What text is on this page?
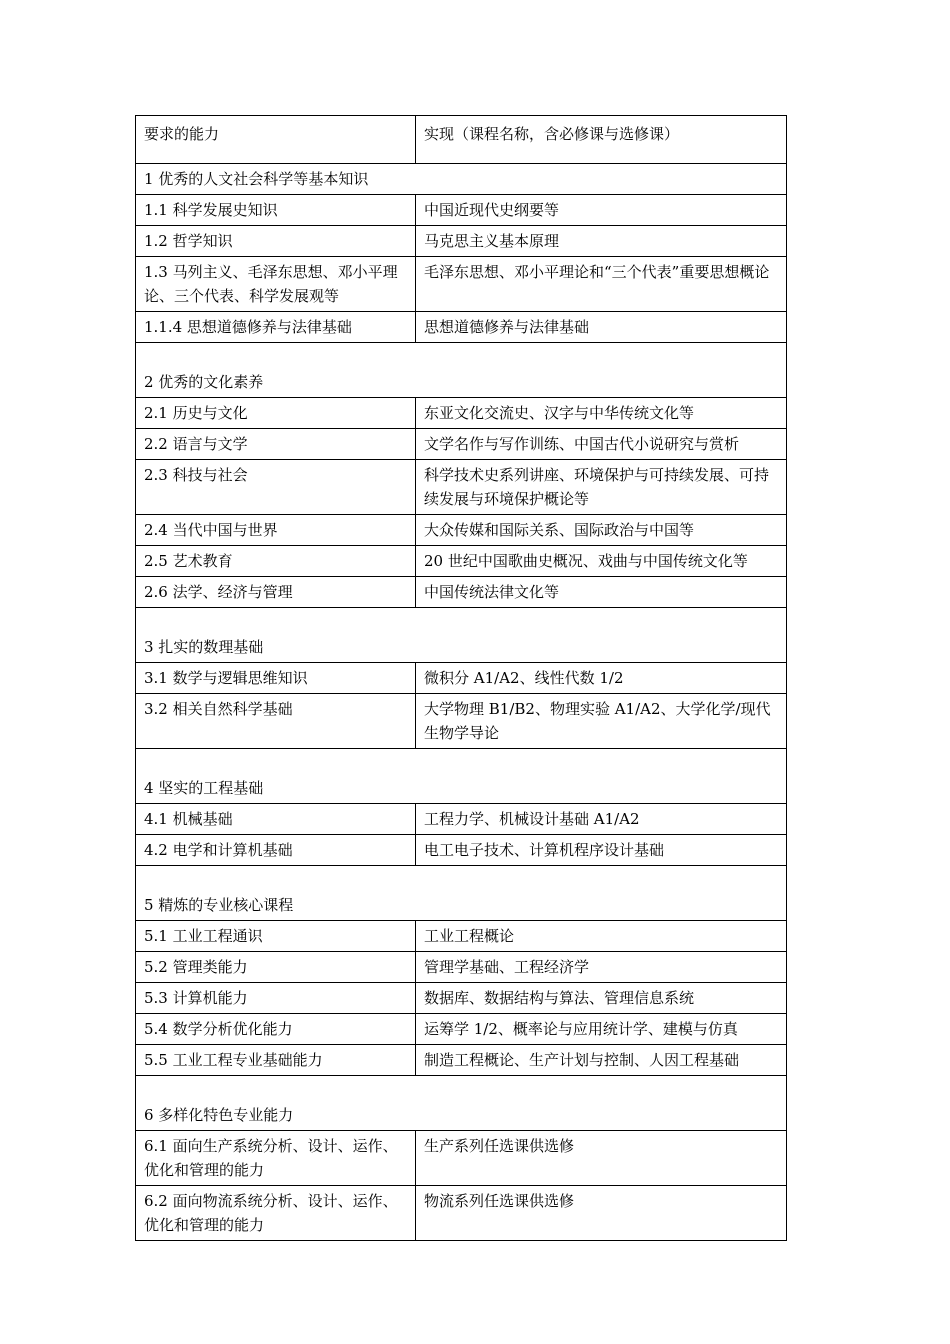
要求的能力	实现（课程名称，含必修课与选修课）
1 优秀的人文社会科学等基本知识	
1.1 科学发展史知识	中国近现代史纲要等
1.2 哲学知识	马克思主义基本原理
1.3 马列主义、毛泽东思想、邓小平理论、三个代表、科学发展观等	毛泽东思想、邓小平理论和“三个代表”重要思想概论
1.1.4 思想道德修养与法律基础	思想道德修养与法律基础
2 优秀的文化素养	
2.1 历史与文化	东亚文化交流史、汉字与中华传统文化等
2.2 语言与文学	文学名作与写作训练、中国古代小说研究与赏析
2.3 科技与社会	科学技术史系列讲座、环境保护与可持续发展、可持续发展与环境保护概论等
2.4 当代中国与世界	大众传媒和国际关系、国际政治与中国等
2.5 艺术教育	20 世纪中国歌曲史概况、戏曲与中国传统文化等
2.6 法学、经济与管理	中国传统法律文化等
3 扎实的数理基础	
3.1 数学与逻辑思维知识	微积分 A1/A2、线性代数 1/2
3.2 相关自然科学基础	大学物理 B1/B2、物理实验 A1/A2、大学化学/现代生物学导论
4 坚实的工程基础	
4.1 机械基础	工程力学、机械设计基础 A1/A2
4.2 电学和计算机基础	电工电子技术、计算机程序设计基础
5 精炼的专业核心课程	
5.1 工业工程通识	工业工程概论
5.2 管理类能力	管理学基础、工程经济学
5.3 计算机能力	数据库、数据结构与算法、管理信息系统
5.4 数学分析优化能力	运筹学 1/2、概率论与应用统计学、建模与仿真
5.5 工业工程专业基础能力	制造工程概论、生产计划与控制、人因工程基础
6 多样化特色专业能力	
6.1 面向生产系统分析、设计、运作、优化和管理的能力	生产系列任选课供选修
6.2 面向物流系统分析、设计、运作、优化和管理的能力	物流系列任选课供选修
